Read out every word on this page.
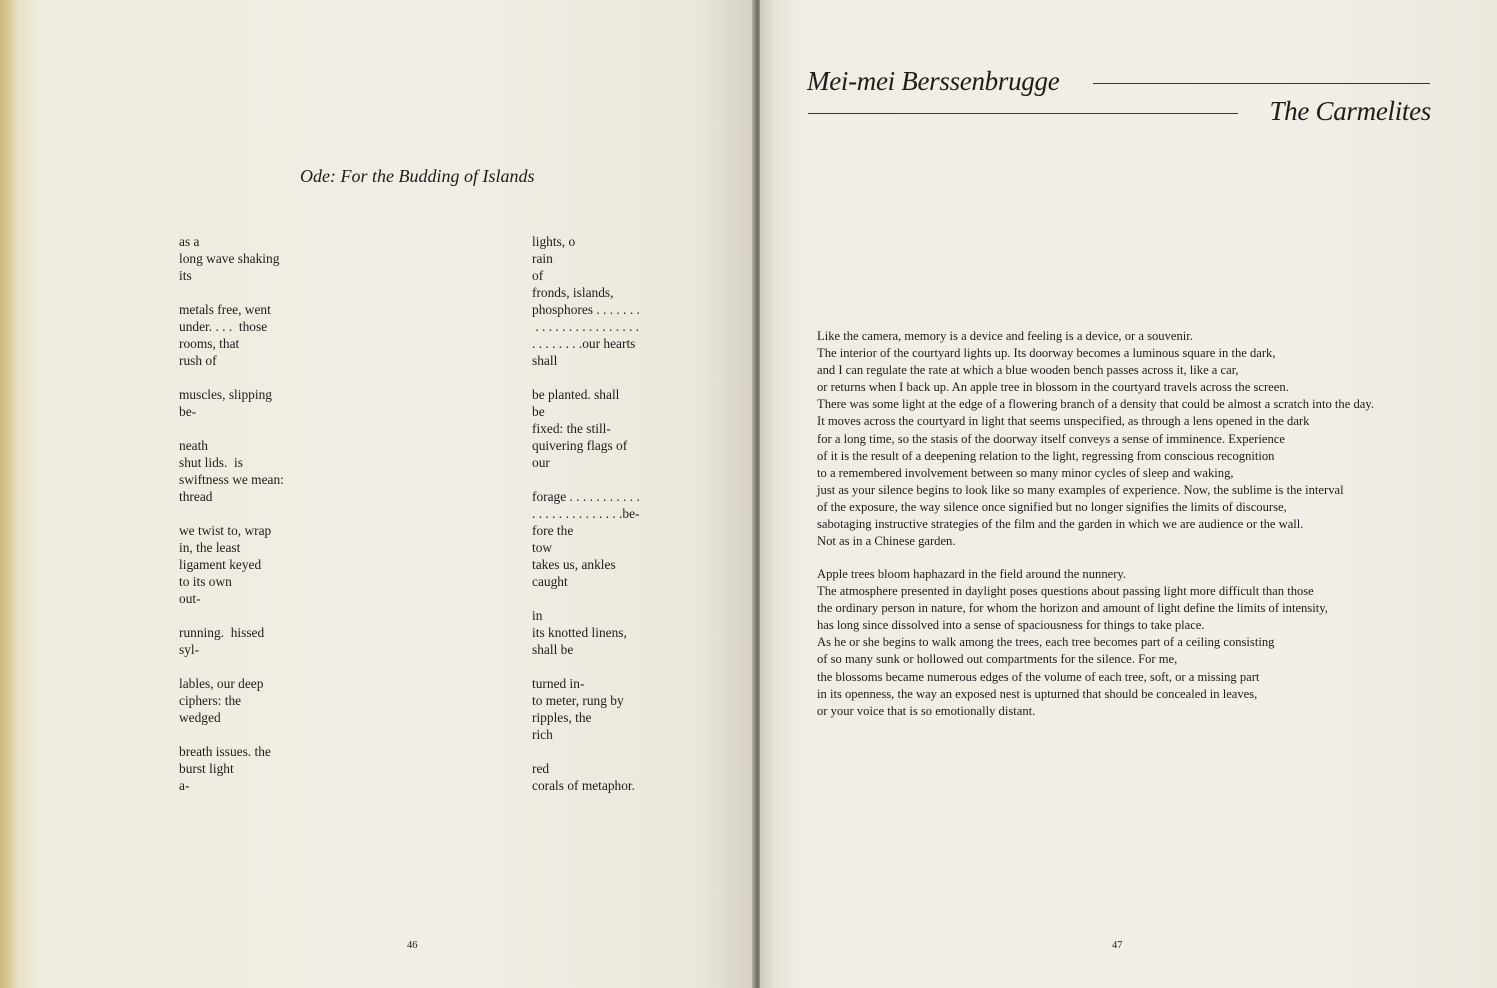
Ode: For the Budding of Islands
as a
long wave shaking
its

metals free, went
under. . . .  those
rooms, that
rush of

muscles, slipping
be-

neath
shut lids.  is
swiftness we mean:
thread

we twist to, wrap
in, the least
ligament keyed
to its own
out-

running.  hissed
syl-

lables, our deep
ciphers: the
wedged

breath issues. the
burst light
a-
lights, o
rain
of
fronds, islands,
phosphores . . . . . . .
. . . . . . . . . . . . . . . .
. . . . . . . .our hearts
shall

be planted. shall
be
fixed: the still-
quivering flags of
our

forage . . . . . . . . . . .
. . . . . . . . . . . . . .be-
fore the
tow
takes us, ankles
caught

in
its knotted linens,
shall be

turned in-
to meter, rung by
ripples, the
rich

red
corals of metaphor.
46
Mei-mei Berssenbrugge
The Carmelites
Like the camera, memory is a device and feeling is a device, or a souvenir.
The interior of the courtyard lights up. Its doorway becomes a luminous square in the dark,
and I can regulate the rate at which a blue wooden bench passes across it, like a car,
or returns when I back up. An apple tree in blossom in the courtyard travels across the screen.
There was some light at the edge of a flowering branch of a density that could be almost a scratch into the day.
It moves across the courtyard in light that seems unspecified, as through a lens opened in the dark
for a long time, so the stasis of the doorway itself conveys a sense of imminence. Experience
of it is the result of a deepening relation to the light, regressing from conscious recognition
to a remembered involvement between so many minor cycles of sleep and waking,
just as your silence begins to look like so many examples of experience. Now, the sublime is the interval
of the exposure, the way silence once signified but no longer signifies the limits of discourse,
sabotaging instructive strategies of the film and the garden in which we are audience or the wall.
Not as in a Chinese garden.
Apple trees bloom haphazard in the field around the nunnery.
The atmosphere presented in daylight poses questions about passing light more difficult than those
the ordinary person in nature, for whom the horizon and amount of light define the limits of intensity,
has long since dissolved into a sense of spaciousness for things to take place.
As he or she begins to walk among the trees, each tree becomes part of a ceiling consisting
of so many sunk or hollowed out compartments for the silence. For me,
the blossoms became numerous edges of the volume of each tree, soft, or a missing part
in its openness, the way an exposed nest is upturned that should be concealed in leaves,
or your voice that is so emotionally distant.
47
